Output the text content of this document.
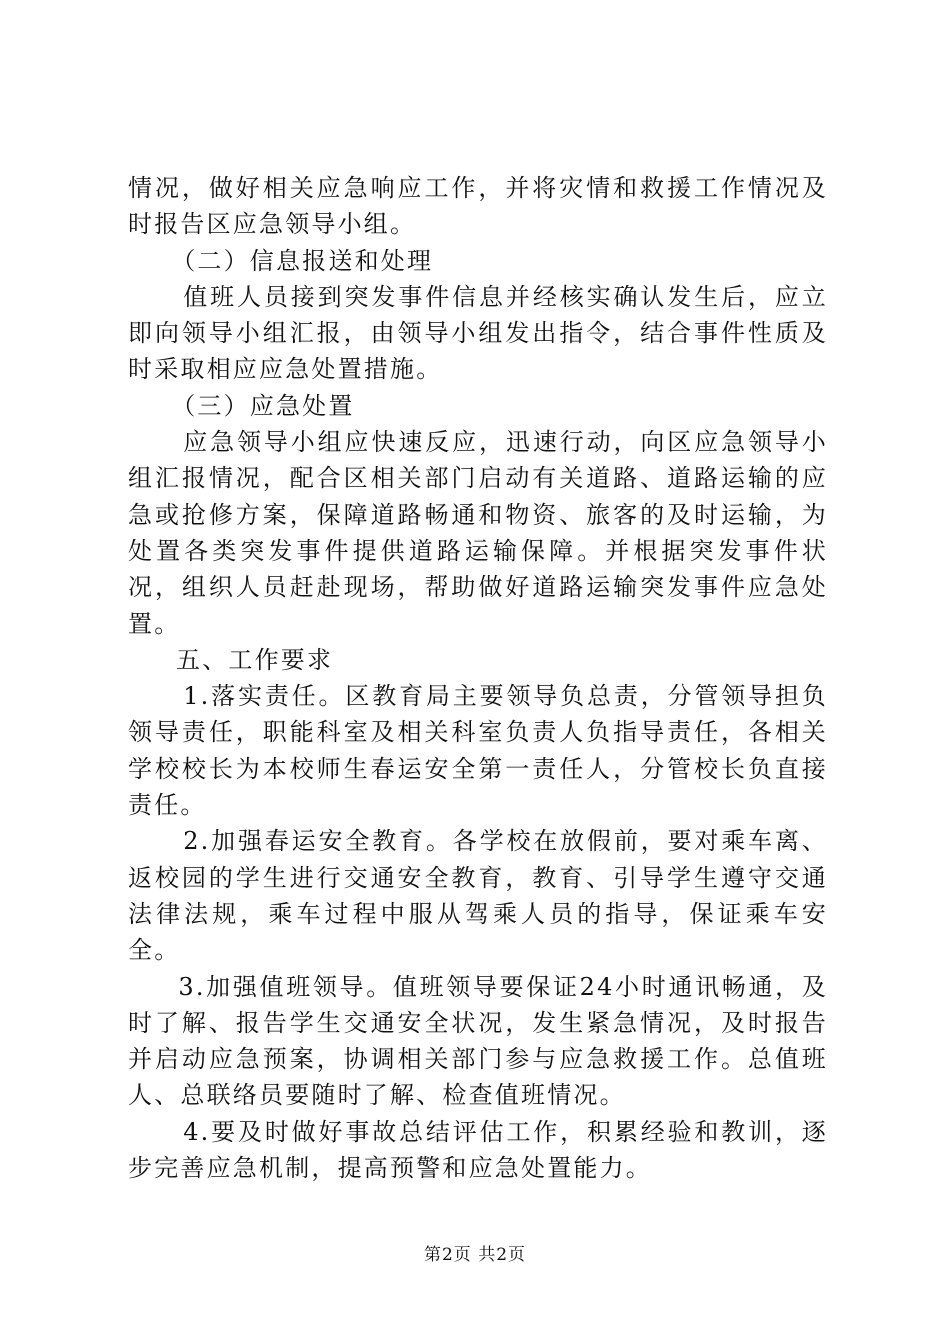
情况，做好相关应急响应工作，并将灾情和救援工作情况及时报告区应急领导小组。

（二）信息报送和处理

值班人员接到突发事件信息并经核实确认发生后，应立即向领导小组汇报，由领导小组发出指令，结合事件性质及时采取相应应急处置措施。

（三）应急处置

应急领导小组应快速反应，迅速行动，向区应急领导小组汇报情况，配合区相关部门启动有关道路、道路运输的应急或抢修方案，保障道路畅通和物资、旅客的及时运输，为处置各类突发事件提供道路运输保障。并根据突发事件状况，组织人员赶赴现场，帮助做好道路运输突发事件应急处置。

五、工作要求

1.落实责任。区教育局主要领导负总责，分管领导担负领导责任，职能科室及相关科室负责人负指导责任，各相关学校校长为本校师生春运安全第一责任人，分管校长负直接责任。

2.加强春运安全教育。各学校在放假前，要对乘车离、返校园的学生进行交通安全教育，教育、引导学生遵守交通法律法规，乘车过程中服从驾乘人员的指导，保证乘车安全。

3.加强值班领导。值班领导要保证24小时通讯畅通，及时了解、报告学生交通安全状况，发生紧急情况，及时报告并启动应急预案，协调相关部门参与应急救援工作。总值班人、总联络员要随时了解、检查值班情况。

4.要及时做好事故总结评估工作，积累经验和教训，逐步完善应急机制，提高预警和应急处置能力。

第2页 共2页
